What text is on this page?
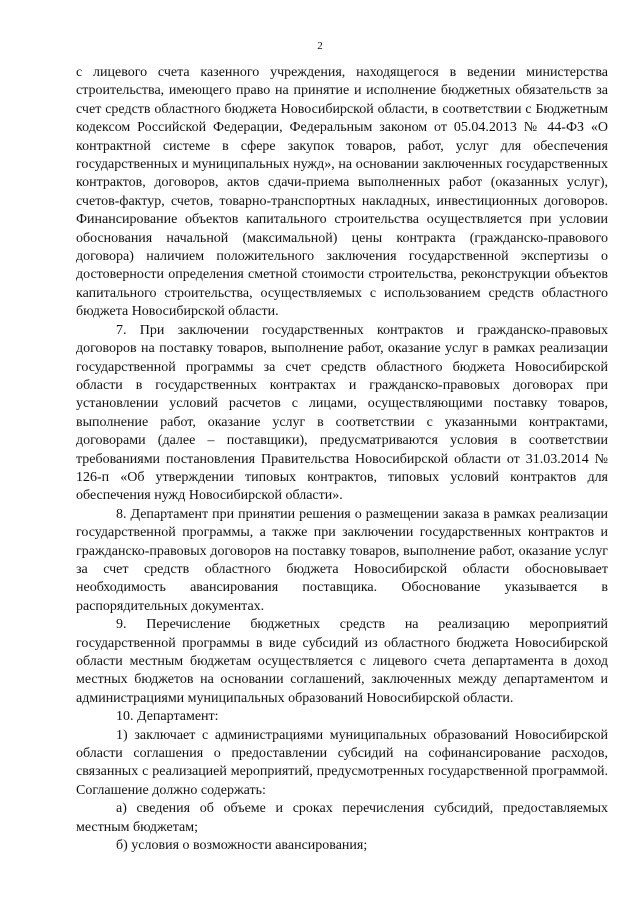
2

с лицевого счета казенного учреждения, находящегося в ведении министерства строительства, имеющего право на принятие и исполнение бюджетных обязательств за счет средств областного бюджета Новосибирской области, в соответствии с Бюджетным кодексом Российской Федерации, Федеральным законом от 05.04.2013 № 44-ФЗ «О контрактной системе в сфере закупок товаров, работ, услуг для обеспечения государственных и муниципальных нужд», на основании заключенных государственных контрактов, договоров, актов сдачи-приема выполненных работ (оказанных услуг), счетов-фактур, счетов, товарно-транспортных накладных, инвестиционных договоров. Финансирование объектов капитального строительства осуществляется при условии обоснования начальной (максимальной) цены контракта (гражданско-правового договора) наличием положительного заключения государственной экспертизы о достоверности определения сметной стоимости строительства, реконструкции объектов капитального строительства, осуществляемых с использованием средств областного бюджета Новосибирской области.

7. При заключении государственных контрактов и гражданско-правовых договоров на поставку товаров, выполнение работ, оказание услуг в рамках реализации государственной программы за счет средств областного бюджета Новосибирской области в государственных контрактах и гражданско-правовых договорах при установлении условий расчетов с лицами, осуществляющими поставку товаров, выполнение работ, оказание услуг в соответствии с указанными контрактами, договорами (далее – поставщики), предусматриваются условия в соответствии требованиями постановления Правительства Новосибирской области от 31.03.2014 № 126-п «Об утверждении типовых контрактов, типовых условий контрактов для обеспечения нужд Новосибирской области».

8. Департамент при принятии решения о размещении заказа в рамках реализации государственной программы, а также при заключении государственных контрактов и гражданско-правовых договоров на поставку товаров, выполнение работ, оказание услуг за счет средств областного бюджета Новосибирской области обосновывает необходимость авансирования поставщика. Обоснование указывается в распорядительных документах.

9. Перечисление бюджетных средств на реализацию мероприятий государственной программы в виде субсидий из областного бюджета Новосибирской области местным бюджетам осуществляется с лицевого счета департамента в доход местных бюджетов на основании соглашений, заключенных между департаментом и администрациями муниципальных образований Новосибирской области.

10. Департамент:

1) заключает с администрациями муниципальных образований Новосибирской области соглашения о предоставлении субсидий на софинансирование расходов, связанных с реализацией мероприятий, предусмотренных государственной программой. Соглашение должно содержать:

а) сведения об объеме и сроках перечисления субсидий, предоставляемых местным бюджетам;

б) условия о возможности авансирования;
